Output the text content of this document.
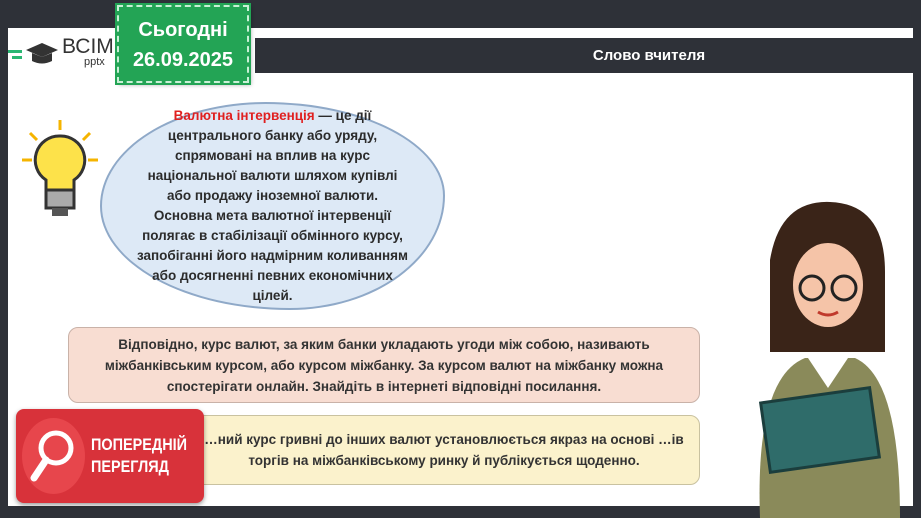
ВСІМ
pptx	Слово вчителя
Сьогодні
26.09.2025

Валютна інтервенція — це дії центрального банку або уряду, спрямовані на вплив на курс національної валюти шляхом купівлі або продажу іноземної валюти. Основна мета валютної інтервенції полягає в стабілізації обмінного курсу, запобіганні його надмірним коливанням або досягненні певних економічних цілей.

Відповідно, курс валют, за яким банки укладають угоди між собою, називають міжбанківським курсом, або курсом міжбанку. За курсом валют на міжбанку можна спостерігати онлайн. Знайдіть в інтернеті відповідні посилання.
…ний курс гривні до інших валют установлюється якраз на основі …ів торгів на міжбанківському ринку й публікується щоденно.
ПОПЕРЕДНІЙ
ПЕРЕГЛЯД
